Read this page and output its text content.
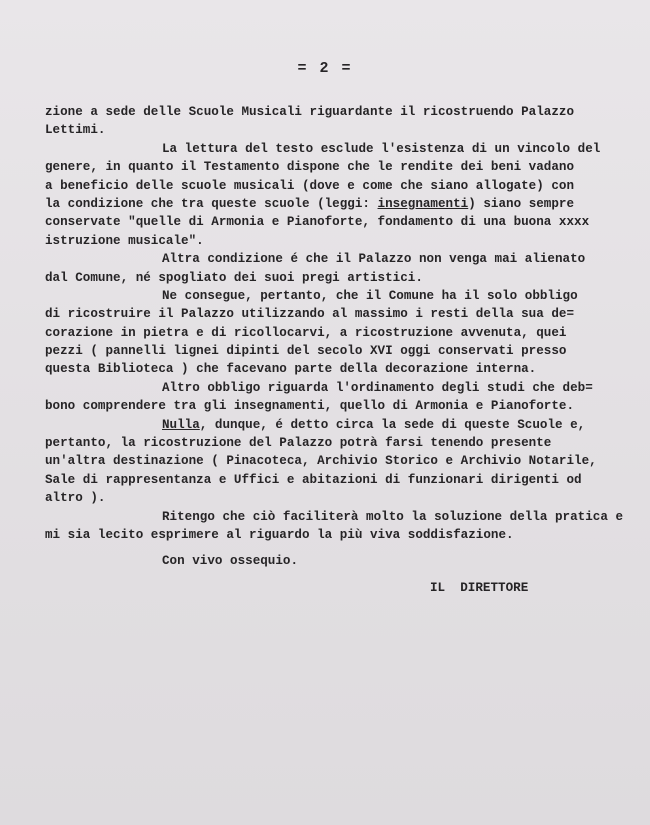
= 2 =
zione a sede delle Scuole Musicali riguardante il ricostruendo Palazzo
Lettimi.
La lettura del testo esclude l'esistenza di un vincolo del
genere, in quanto il Testamento dispone che le rendite dei beni vadano
a beneficio delle scuole musicali (dove e come che siano allogate) con
la condizione che tra queste scuole (leggi: insegnamenti) siano sempre
conservate "quelle di Armonia e Pianoforte, fondamento di una buona xxxx
istruzione musicale".
Altra condizione é che il Palazzo non venga mai alienato
dal Comune, né spogliato dei suoi pregi artistici.
Ne consegue, pertanto, che il Comune ha il solo obbligo
di ricostruire il Palazzo utilizzando al massimo i resti della sua de=
corazione in pietra e di ricollocarvi, a ricostruzione avvenuta, quei
pezzi ( pannelli lignei dipinti del secolo XVI oggi conservati presso
questa Biblioteca ) che facevano parte della decorazione interna.
Altro obbligo riguarda l'ordinamento degli studi che deb=
bono comprendere tra gli insegnamenti, quello di Armonia e Pianoforte.
Nulla, dunque, é detto circa la sede di queste Scuole e,
pertanto, la ricostruzione del Palazzo potrà farsi tenendo presente
un'altra destinazione ( Pinacoteca, Archivio Storico e Archivio Notarile,
Sale di rappresentanza e Uffici e abitazioni di funzionari dirigenti od
altro ).
Ritengo che ciò faciliterà molto la soluzione della pratica e
mi sia lecito esprimere al riguardo la più viva soddisfazione.
Con vivo ossequio.
IL  DIRETTORE
